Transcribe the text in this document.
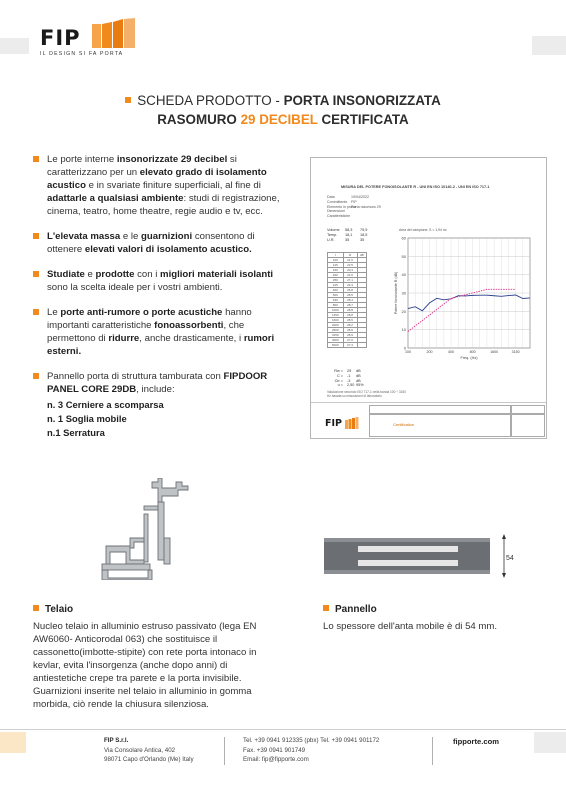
FIP
IL DESIGN SI FA PORTA
SCHEDA PRODOTTO - PORTA INSONORIZZATA
RASOMURO 29 DECIBEL CERTIFICATA
Le porte interne insonorizzate 29 decibel si caratterizzano per un elevato grado di isolamento acustico e in svariate finiture superficiali, al fine di adattarle a qualsiasi ambiente: studi di registrazione, cinema, teatro, home theatre, regie audio e tv, ecc.
L'elevata massa e le guarnizioni consentono di ottenere elevati valori di isolamento acustico.
Studiate e prodotte con i migliori materiali isolanti sono la scelta ideale per i vostri ambienti.
Le porte anti-rumore o porte acustiche hanno importanti caratteristiche fonoassorbenti, che permettono di ridurre, anche drasticamente, i rumori esterni.
Pannello porta di struttura tamburata con FIPDOOR PANEL CORE 29DB, include:
n. 3 Cerniere a scomparsa
n. 1 Soglia mobile
n.1 Serratura
MISURA DEL POTERE FONOISOLANTE R - UNI EN ISO 10140-2 - UNI EN ISO 717-1
Data	19/04/2022
Committente FIP
Elemento in provaPorta rasomuro 29
Dimensioni
Caratteristiche
Volume 58,3 79,9
Temp. 18,1 18,5
U.R.	35	35
f	R	dB
100	21,5	
125	22,5	
160	20,3	
200	24,6	
250	27,1	
315	26,3	
400	26,8	
500	28,5	
630	28,4	
800	28,7	
1000	28,8	
1250	28,8	
1600	28,5	
2000	28,2	
2500	28,6	
3150	28,9	
4000	27,0	
5000	27,3	
Rw = 29 dB
C = -1 dB
Ctr = -3 dB
u = 2,50 95%
Valutazione secondo ISO 717-1 nella banda 100 ÷ 3150 Hz basata su misurazioni di laboratorio
Area del campione: S = 1,94 m²
0
10
20
30
40
50
60
100	200	400	800	1600	3150
Freq. (Hz)
Potere fonoisolante R (dB)
FIP	Certification
54
Telaio
Nucleo telaio in alluminio estruso passivato (lega EN AW6060- Anticorodal 063) che sostituisce il cassonetto(imbotte-stipite) con rete porta intonaco in kevlar, evita l'insorgenza (anche dopo anni) di antiestetiche crepe tra parete e la porta invisibile. Guarnizioni inserite nel telaio in alluminio in gomma morbida, ciò rende la chiusura silenziosa.
Pannello
Lo spessore dell'anta mobile è di 54 mm.
FIP S.r.l.
Via Consolare Antica, 402
98071 Capo d'Orlando (Me) Italy
Tel. +39 0941 912335 (pbx) Tel. +39 0941 901172
Fax. +39 0941 901749
Email: fip@fipporte.com
fipporte.com
